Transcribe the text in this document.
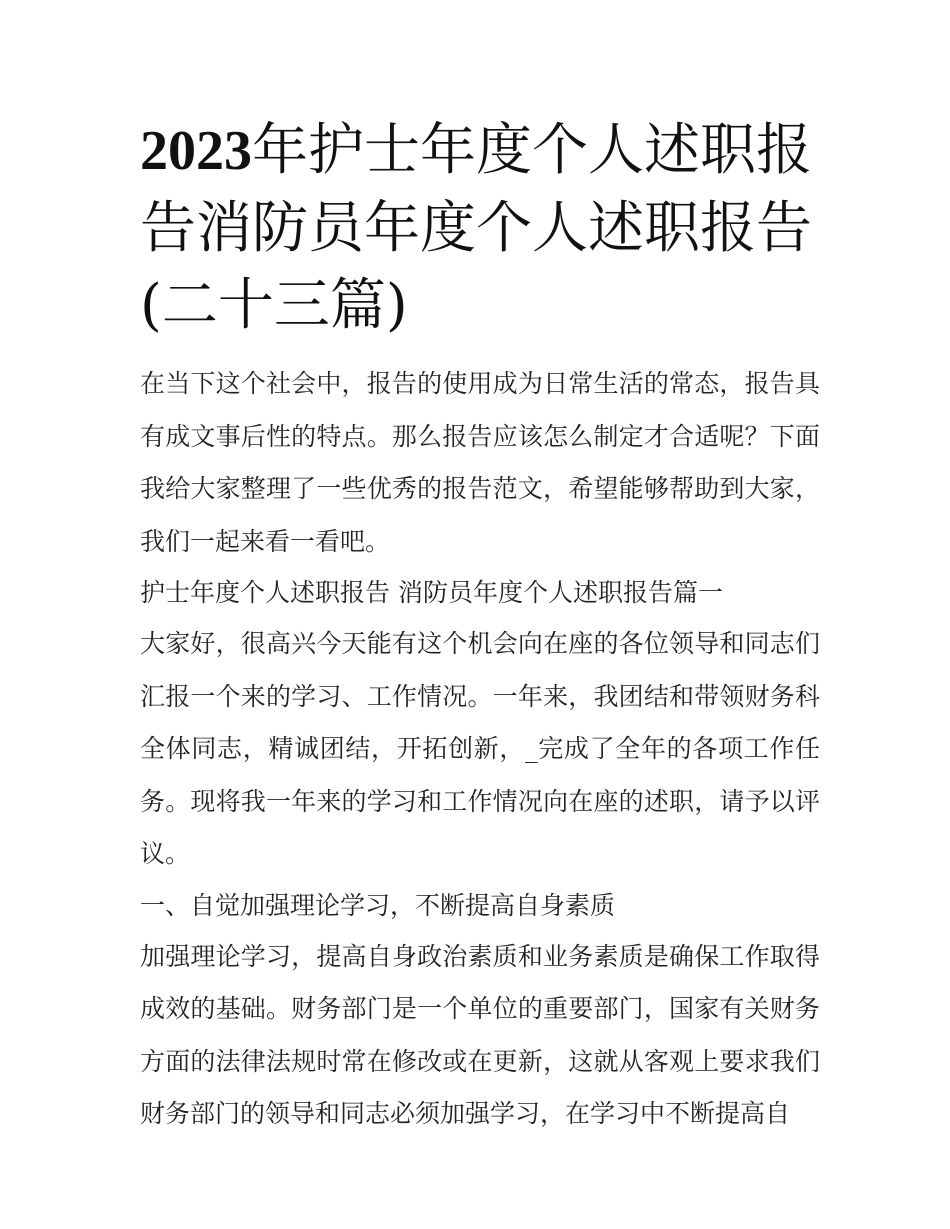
2023年护士年度个人述职报告消防员年度个人述职报告(二十三篇)

在当下这个社会中，报告的使用成为日常生活的常态，报告具有成文事后性的特点。那么报告应该怎么制定才合适呢？下面我给大家整理了一些优秀的报告范文，希望能够帮助到大家，我们一起来看一看吧。

护士年度个人述职报告 消防员年度个人述职报告篇一

大家好，很高兴今天能有这个机会向在座的各位领导和同志们汇报一个来的学习、工作情况。一年来，我团结和带领财务科全体同志，精诚团结，开拓创新，_完成了全年的各项工作任务。现将我一年来的学习和工作情况向在座的述职，请予以评议。

一、自觉加强理论学习，不断提高自身素质

加强理论学习，提高自身政治素质和业务素质是确保工作取得成效的基础。财务部门是一个单位的重要部门，国家有关财务方面的法律法规时常在修改或在更新，这就从客观上要求我们财务部门的领导和同志必须加强学习，在学习中不断提高自
